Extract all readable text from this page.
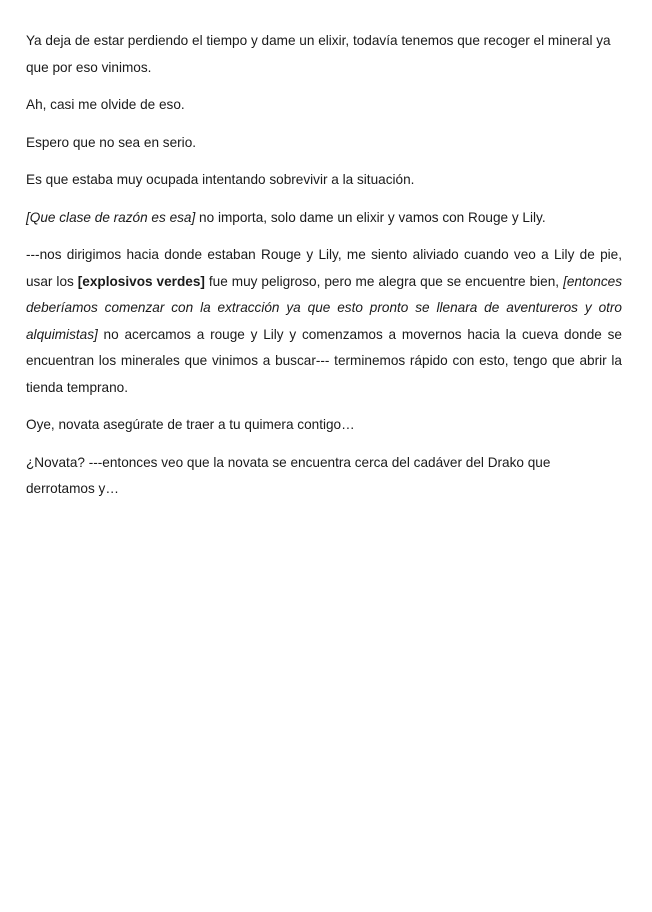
Ya deja de estar perdiendo el tiempo y dame un elixir, todavía tenemos que recoger el mineral ya que por eso vinimos.

Ah, casi me olvide de eso.

Espero que no sea en serio.

Es que estaba muy ocupada intentando sobrevivir a la situación.

[Que clase de razón es esa] no importa, solo dame un elixir y vamos con Rouge y Lily.

---nos dirigimos hacia donde estaban Rouge y Lily, me siento aliviado cuando veo a Lily de pie, usar los [explosivos verdes] fue muy peligroso, pero me alegra que se encuentre bien, [entonces deberíamos comenzar con la extracción ya que esto pronto se llenara de aventureros y otro alquimistas] no acercamos a rouge y Lily y comenzamos a movernos hacia la cueva donde se encuentran los minerales que vinimos a buscar--- terminemos rápido con esto, tengo que abrir la tienda temprano.

Oye, novata asegúrate de traer a tu quimera contigo…

¿Novata? ---entonces veo que la novata se encuentra cerca del cadáver del Drako que derrotamos y…
